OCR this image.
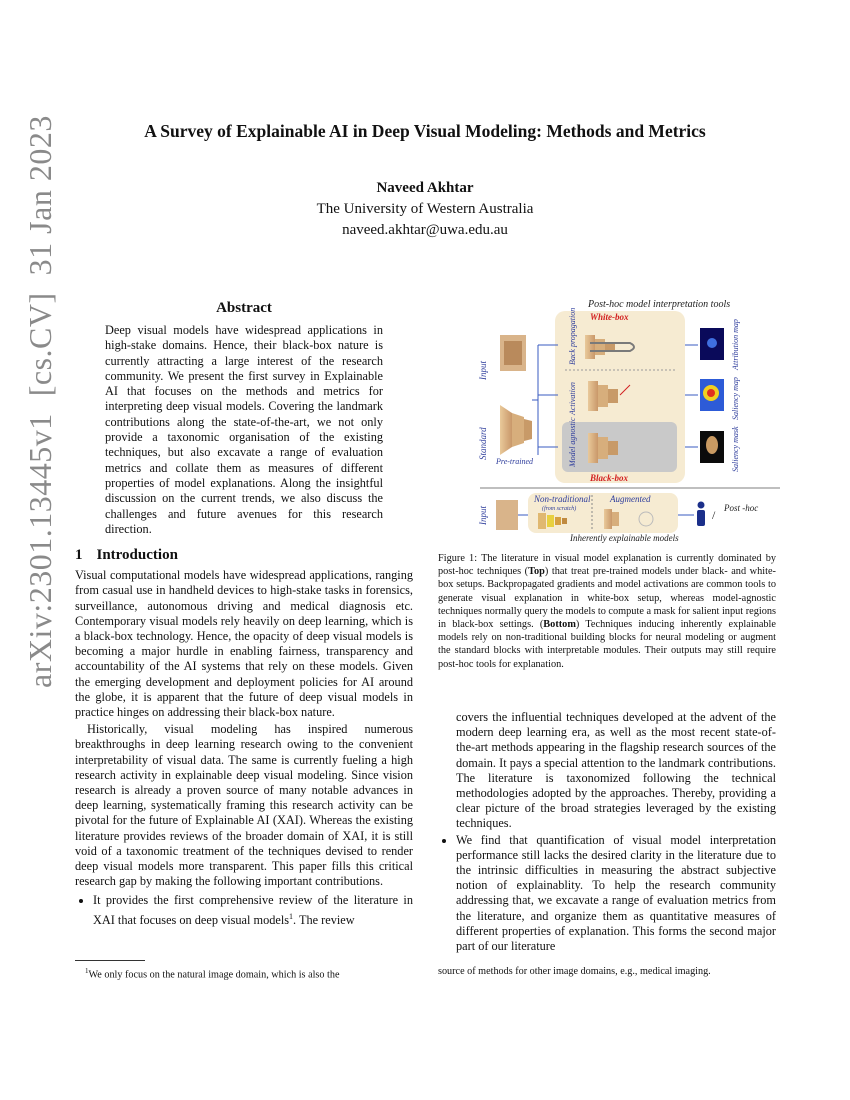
arXiv:2301.13445v1  [cs.CV]  31 Jan 2023	A Survey of Explainable AI in Deep Visual Modeling: Methods and Metrics
Naveed Akhtar
The University of Western Australia
naveed.akhtar@uwa.edu.au
Abstract

Deep visual models have widespread applications in high-stake domains. Hence, their black-box nature is currently attracting a large interest of the research community. We present the first survey in Explainable AI that focuses on the methods and metrics for interpreting deep visual models. Covering the landmark contributions along the state-of-the-art, we not only provide a taxonomic organisation of the existing techniques, but also excavate a range of evaluation metrics and collate them as measures of different properties of model explanations. Along the insightful discussion on the current trends, we also discuss the challenges and future avenues for this research direction.

1 Introduction

Visual computational models have widespread applications, ranging from casual use in handheld devices to high-stake tasks in forensics, surveillance, autonomous driving and medical diagnosis etc. Contemporary visual models rely heavily on deep learning, which is a black-box technology. Hence, the opacity of deep visual models is becoming a major hurdle in enabling fairness, transparency and accountability of the AI systems that rely on these models. Given the emerging development and deployment policies for AI around the globe, it is apparent that the future of deep visual models in practice hinges on addressing their black-box nature.

Historically, visual modeling has inspired numerous breakthroughs in deep learning research owing to the convenient interpretability of visual data. The same is currently fueling a high research activity in explainable deep visual modeling. Since vision research is already a proven source of many notable advances in deep learning, systematically framing this research activity can be pivotal for the future of Explainable AI (XAI). Whereas the existing literature provides reviews of the broader domain of XAI, it is still void of a taxonomic treatment of the techniques devised to render deep visual models more transparent. This paper fills this critical research gap by making the following important contributions.

• It provides the first comprehensive review of the literature in XAI that focuses on deep visual models$^1$. The review
$^1$We only focus on the natural image domain, which is also the
Post-hoc model interpretation tools
White-box
Black-box
Input
Standard
Pre-trained
Back propagation
Activation
Model agnostic
Attribution map
Saliency map
Saliency mask
Input
Non-traditional
(from scratch)
Augmented
/ Post -hoc
Inherently explainable models
Figure 1: The literature in visual model explanation is currently dominated by post-hoc techniques (Top) that treat pre-trained models under black- and white-box setups. Backpropagated gradients and model activations are common tools to generate visual explanation in white-box setup, whereas model-agnostic techniques normally query the models to compute a mask for salient input regions in black-box settings. (Bottom) Techniques inducing inherently explainable models rely on non-traditional building blocks for neural modeling or augment the standard blocks with interpretable modules. Their outputs may still require post-hoc tools for explanation.

covers the influential techniques developed at the advent of the modern deep learning era, as well as the most recent state-of-the-art methods appearing in the flagship research sources of the domain. It pays a special attention to the landmark contributions. The literature is taxonomized following the technical methodologies adopted by the approaches. Thereby, providing a clear picture of the broad strategies leveraged by the existing techniques.

• We find that quantification of visual model interpretation performance still lacks the desired clarity in the literature due to the intrinsic difficulties in measuring the abstract subjective notion of explainablity. To help the research community addressing that, we excavate a range of evaluation metrics from the literature, and organize them as quantitative measures of different properties of explanation. This forms the second major part of our literature
source of methods for other image domains, e.g., medical imaging.
